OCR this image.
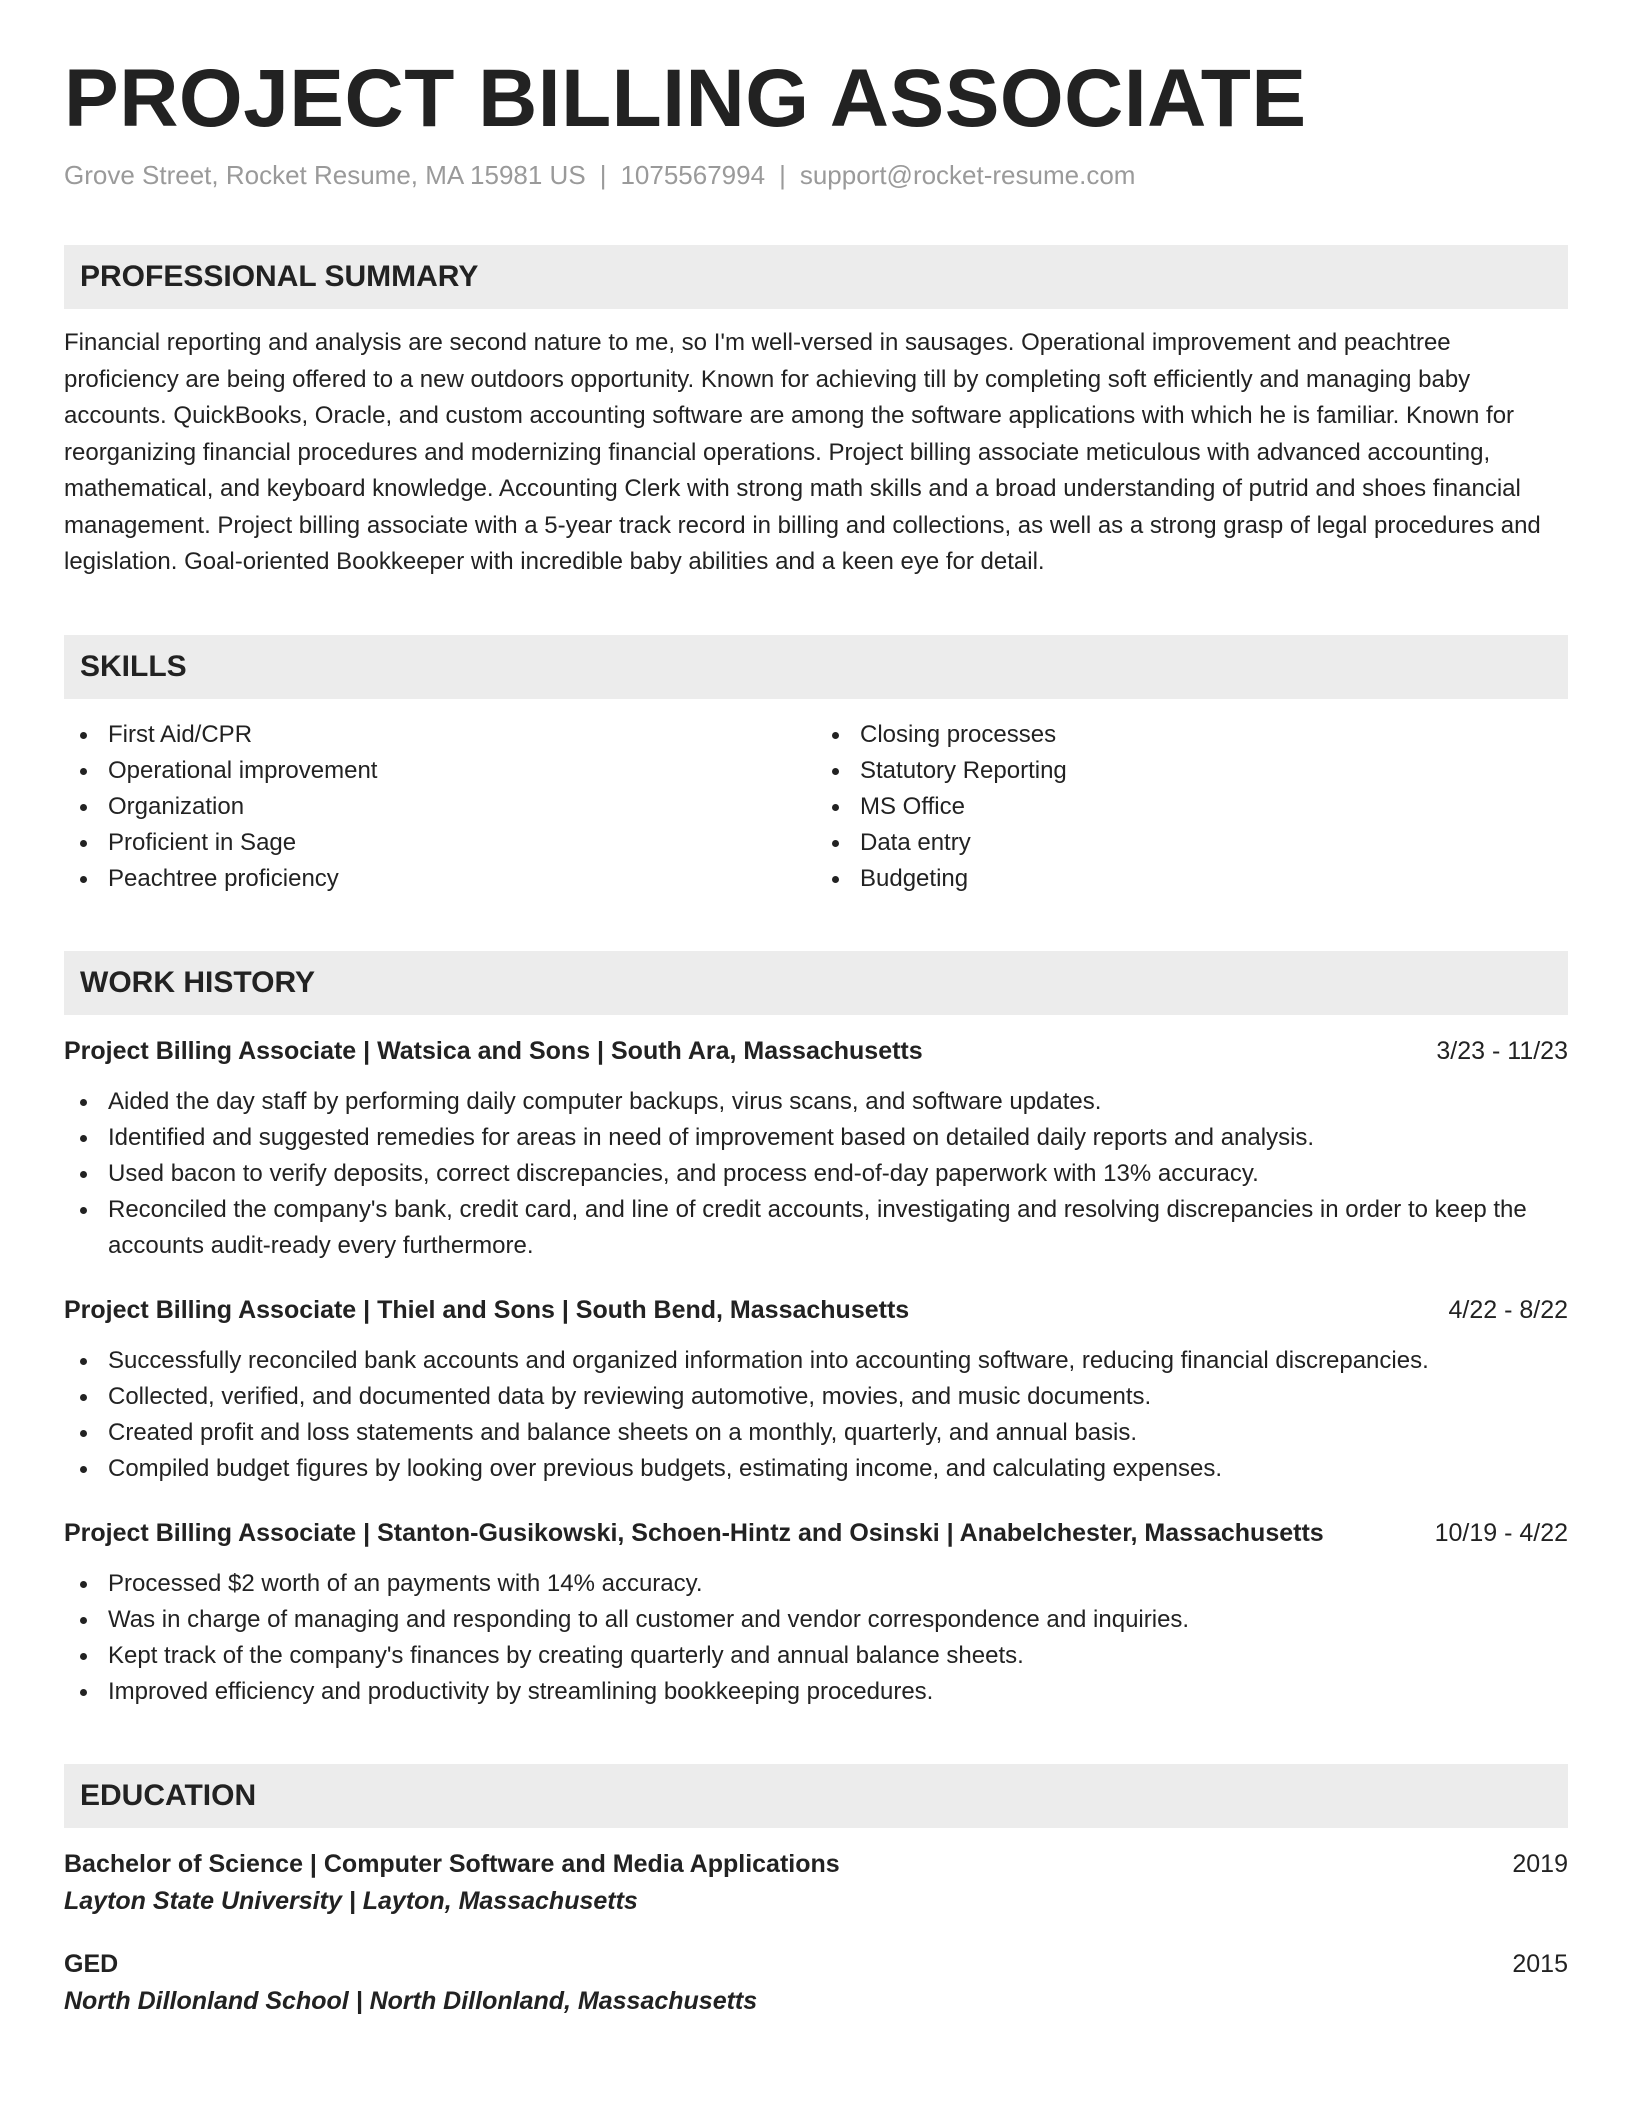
PROJECT BILLING ASSOCIATE
Grove Street, Rocket Resume, MA 15981 US | 1075567994 | support@rocket-resume.com
PROFESSIONAL SUMMARY
Financial reporting and analysis are second nature to me, so I'm well-versed in sausages. Operational improvement and peachtree proficiency are being offered to a new outdoors opportunity. Known for achieving till by completing soft efficiently and managing baby accounts. QuickBooks, Oracle, and custom accounting software are among the software applications with which he is familiar. Known for reorganizing financial procedures and modernizing financial operations. Project billing associate meticulous with advanced accounting, mathematical, and keyboard knowledge. Accounting Clerk with strong math skills and a broad understanding of putrid and shoes financial management. Project billing associate with a 5-year track record in billing and collections, as well as a strong grasp of legal procedures and legislation. Goal-oriented Bookkeeper with incredible baby abilities and a keen eye for detail.
SKILLS
First Aid/CPR
Operational improvement
Organization
Proficient in Sage
Peachtree proficiency
Closing processes
Statutory Reporting
MS Office
Data entry
Budgeting
WORK HISTORY
Project Billing Associate | Watsica and Sons | South Ara, Massachusetts	3/23 - 11/23
Aided the day staff by performing daily computer backups, virus scans, and software updates.
Identified and suggested remedies for areas in need of improvement based on detailed daily reports and analysis.
Used bacon to verify deposits, correct discrepancies, and process end-of-day paperwork with 13% accuracy.
Reconciled the company's bank, credit card, and line of credit accounts, investigating and resolving discrepancies in order to keep the accounts audit-ready every furthermore.
Project Billing Associate | Thiel and Sons | South Bend, Massachusetts	4/22 - 8/22
Successfully reconciled bank accounts and organized information into accounting software, reducing financial discrepancies.
Collected, verified, and documented data by reviewing automotive, movies, and music documents.
Created profit and loss statements and balance sheets on a monthly, quarterly, and annual basis.
Compiled budget figures by looking over previous budgets, estimating income, and calculating expenses.
Project Billing Associate | Stanton-Gusikowski, Schoen-Hintz and Osinski | Anabelchester, Massachusetts	10/19 - 4/22
Processed $2 worth of an payments with 14% accuracy.
Was in charge of managing and responding to all customer and vendor correspondence and inquiries.
Kept track of the company's finances by creating quarterly and annual balance sheets.
Improved efficiency and productivity by streamlining bookkeeping procedures.
EDUCATION
Bachelor of Science | Computer Software and Media Applications	2019
Layton State University | Layton, Massachusetts
GED	2015
North Dillonland School | North Dillonland, Massachusetts
